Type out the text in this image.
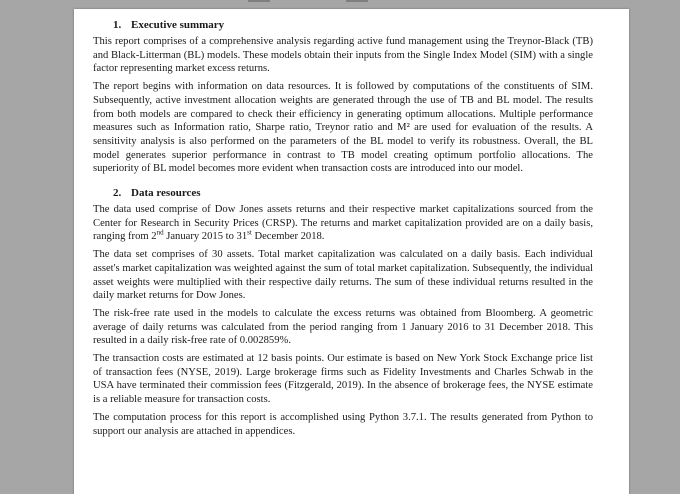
1. Executive summary

This report comprises of a comprehensive analysis regarding active fund management using the Treynor-Black (TB) and Black-Litterman (BL) models. These models obtain their inputs from the Single Index Model (SIM) with a single factor representing market excess returns.

The report begins with information on data resources. It is followed by computations of the constituents of SIM. Subsequently, active investment allocation weights are generated through the use of TB and BL model. The results from both models are compared to check their efficiency in generating optimum allocations. Multiple performance measures such as Information ratio, Sharpe ratio, Treynor ratio and M² are used for evaluation of the results. A sensitivity analysis is also performed on the parameters of the BL model to verify its robustness. Overall, the BL model generates superior performance in contrast to TB model creating optimum portfolio allocations. The superiority of BL model becomes more evident when transaction costs are introduced into our model.

2. Data resources

The data used comprise of Dow Jones assets returns and their respective market capitalizations sourced from the Center for Research in Security Prices (CRSP). The returns and market capitalization provided are on a daily basis, ranging from 2nd January 2015 to 31st December 2018.

The data set comprises of 30 assets. Total market capitalization was calculated on a daily basis. Each individual asset's market capitalization was weighted against the sum of total market capitalization. Subsequently, the individual asset weights were multiplied with their respective daily returns. The sum of these individual returns resulted in the daily market returns for Dow Jones.

The risk-free rate used in the models to calculate the excess returns was obtained from Bloomberg. A geometric average of daily returns was calculated from the period ranging from 1 January 2016 to 31 December 2018. This resulted in a daily risk-free rate of 0.002859%.

The transaction costs are estimated at 12 basis points. Our estimate is based on New York Stock Exchange price list of transaction fees (NYSE, 2019). Large brokerage firms such as Fidelity Investments and Charles Schwab in the USA have terminated their commission fees (Fitzgerald, 2019). In the absence of brokerage fees, the NYSE estimate is a reliable measure for transaction costs.

The computation process for this report is accomplished using Python 3.7.1. The results generated from Python to support our analysis are attached in appendices.
